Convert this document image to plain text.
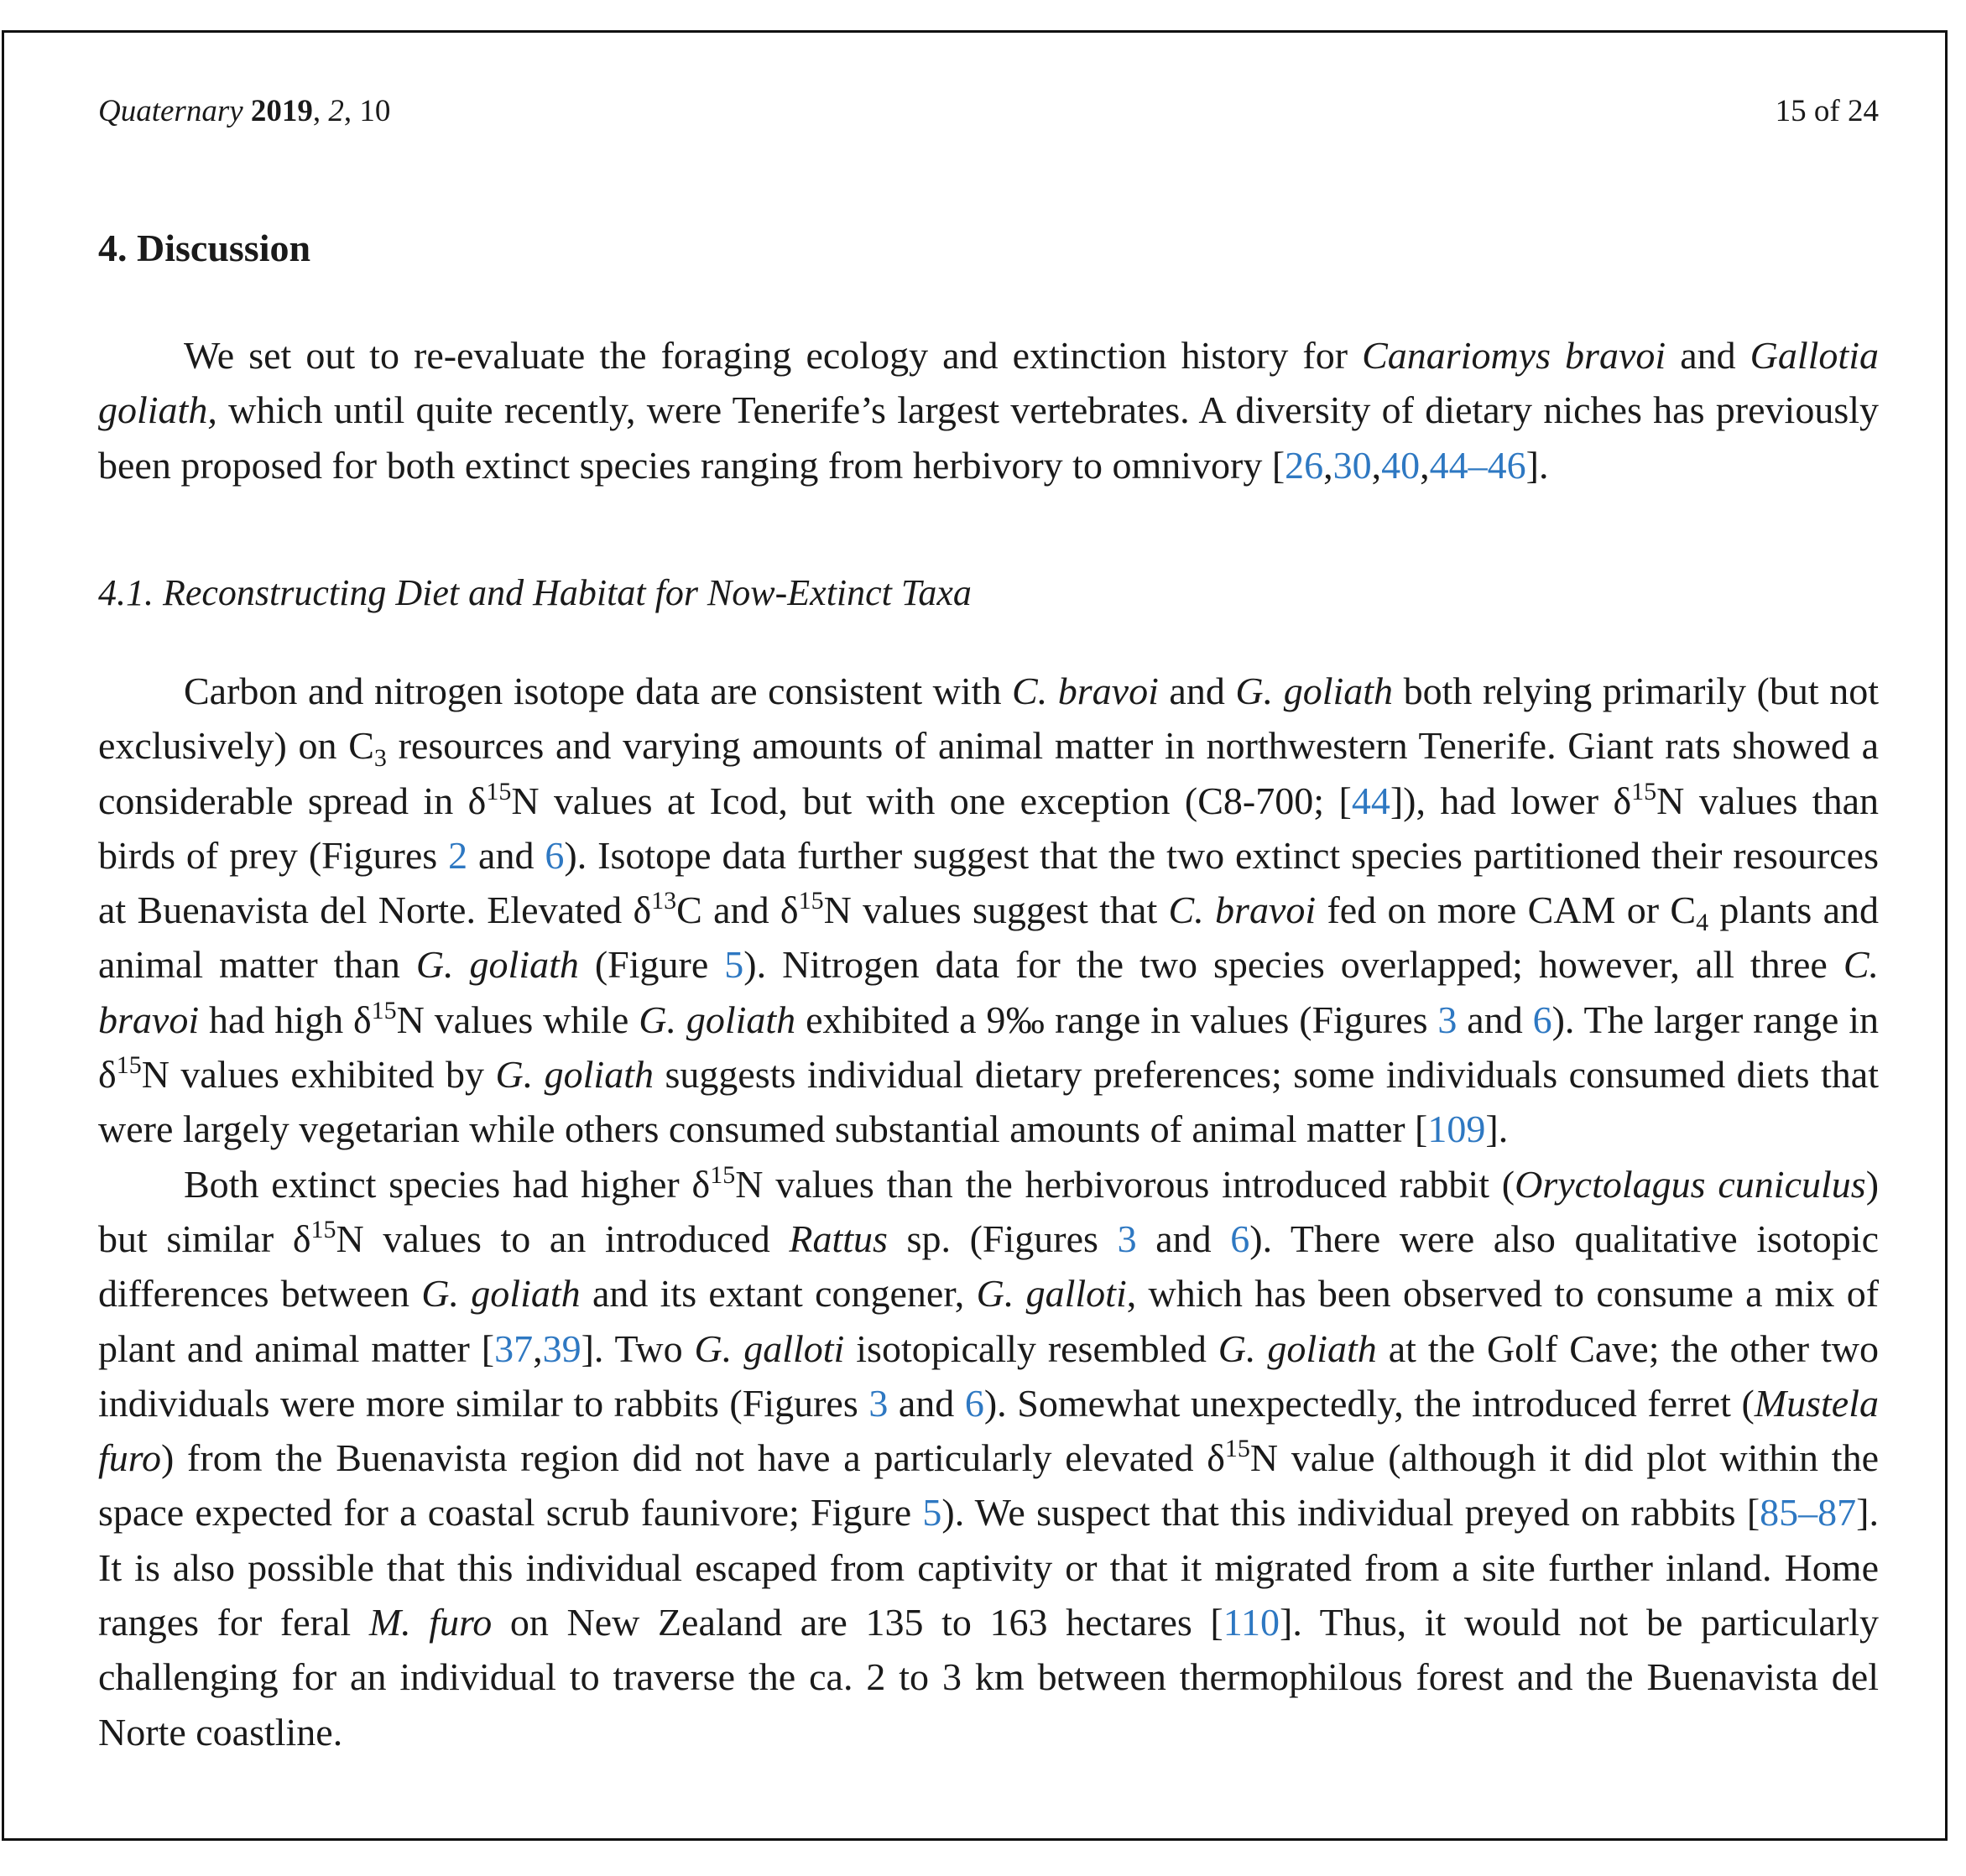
Quaternary 2019, 2, 10	15 of 24
4. Discussion

We set out to re-evaluate the foraging ecology and extinction history for Canariomys bravoi and Gallotia goliath, which until quite recently, were Tenerife’s largest vertebrates. A diversity of dietary niches has previously been proposed for both extinct species ranging from herbivory to omnivory [26,30,40,44–46].

4.1. Reconstructing Diet and Habitat for Now-Extinct Taxa

Carbon and nitrogen isotope data are consistent with C. bravoi and G. goliath both relying primarily (but not exclusively) on $C_3$ resources and varying amounts of animal matter in northwestern Tenerife. Giant rats showed a considerable spread in $\delta^{15}N$ values at Icod, but with one exception (C8-700; [44]), had lower $\delta^{15}N$ values than birds of prey (Figures 2 and 6). Isotope data further suggest that the two extinct species partitioned their resources at Buenavista del Norte. Elevated $\delta^{13}C$ and $\delta^{15}N$ values suggest that C. bravoi fed on more CAM or $C_4$ plants and animal matter than G. goliath (Figure 5). Nitrogen data for the two species overlapped; however, all three C. bravoi had high $\delta^{15}N$ values while G. goliath exhibited a 9‰ range in values (Figures 3 and 6). The larger range in $\delta^{15}N$ values exhibited by G. goliath suggests individual dietary preferences; some individuals consumed diets that were largely vegetarian while others consumed substantial amounts of animal matter [109].

Both extinct species had higher $\delta^{15}N$ values than the herbivorous introduced rabbit (Oryctolagus cuniculus) but similar $\delta^{15}N$ values to an introduced Rattus sp. (Figures 3 and 6). There were also qualitative isotopic differences between G. goliath and its extant congener, G. galloti, which has been observed to consume a mix of plant and animal matter [37,39]. Two G. galloti isotopically resembled G. goliath at the Golf Cave; the other two individuals were more similar to rabbits (Figures 3 and 6). Somewhat unexpectedly, the introduced ferret (Mustela furo) from the Buenavista region did not have a particularly elevated $\delta^{15}N$ value (although it did plot within the space expected for a coastal scrub faunivore; Figure 5). We suspect that this individual preyed on rabbits [85–87]. It is also possible that this individual escaped from captivity or that it migrated from a site further inland. Home ranges for feral M. furo on New Zealand are 135 to 163 hectares [110]. Thus, it would not be particularly challenging for an individual to traverse the ca. 2 to 3 km between thermophilous forest and the Buenavista del Norte coastline.
